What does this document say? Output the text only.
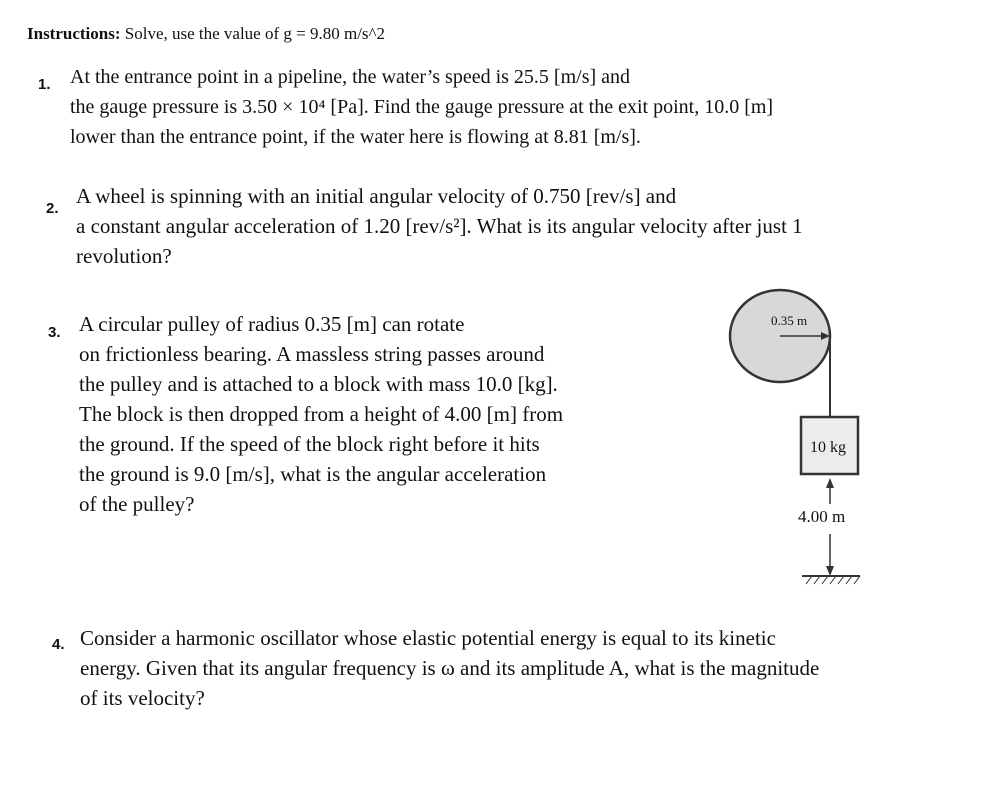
Instructions: Solve, use the value of g = 9.80 m/s^2
1. At the entrance point in a pipeline, the water’s speed is 25.5 [m/s] and
the gauge pressure is 3.50 × 10⁴ [Pa]. Find the gauge pressure at the exit point, 10.0 [m]
lower than the entrance point, if the water here is flowing at 8.81 [m/s].
2.
A wheel is spinning with an initial angular velocity of 0.750 [rev/s] and
a constant angular acceleration of 1.20 [rev/s²]. What is its angular velocity after just 1
revolution?
3. A circular pulley of radius 0.35 [m] can rotate
on frictionless bearing. A massless string passes around
the pulley and is attached to a block with mass 10.0 [kg].
The block is then dropped from a height of 4.00 [m] from
the ground. If the speed of the block right before it hits
the ground is 9.0 [m/s], what is the angular acceleration
of the pulley?
0.35 m
10 kg
4.00 m
4. Consider a harmonic oscillator whose elastic potential energy is equal to its kinetic
energy. Given that its angular frequency is ω and its amplitude A, what is the magnitude
of its velocity?
